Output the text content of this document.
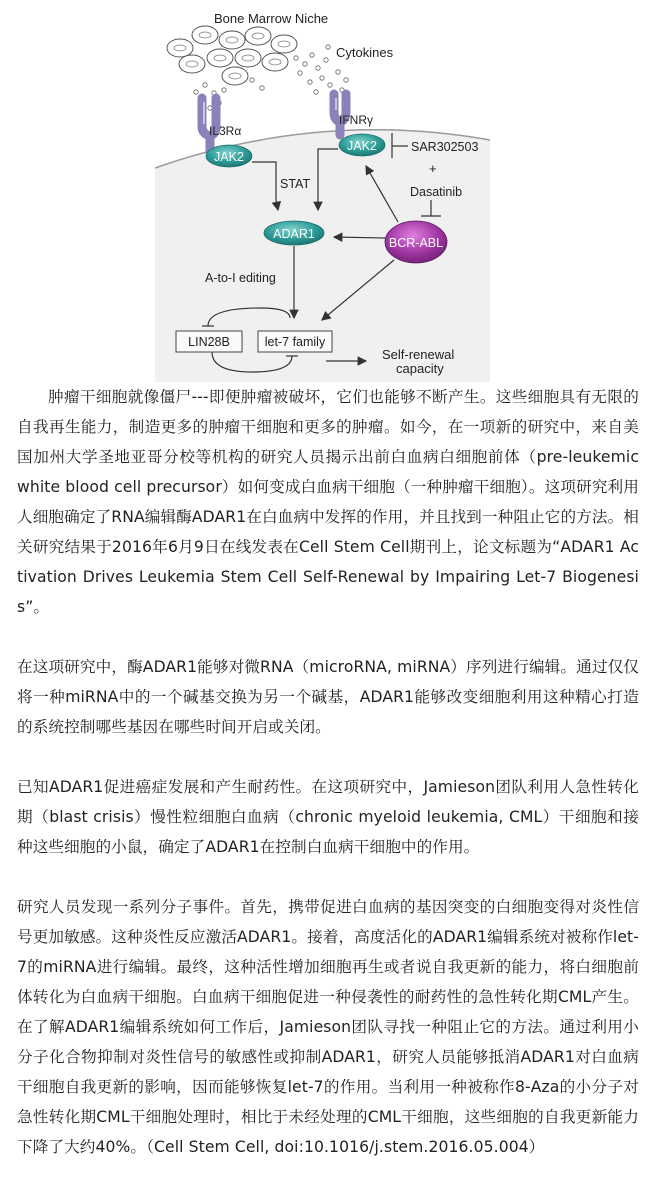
Bone Marrow Niche
Cytokines
IL3Rα
IFNRγ
JAK2
JAK2	SAR302503
+
Dasatinib
STAT
ADAR1
BCR-ABL
A-to-I editing
LIN28B	let-7 family
Self-renewal
capacity

肿瘤干细胞就像僵尸---即便肿瘤被破坏，它们也能够不断产生。这些细胞具有无限的自我再生能力，制造更多的肿瘤干细胞和更多的肿瘤。如今，在一项新的研究中，来自美国加州大学圣地亚哥分校等机构的研究人员揭示出前白血病白细胞前体（pre-leukemic white blood cell precursor）如何变成白血病干细胞（一种肿瘤干细胞）。这项研究利用人细胞确定了RNA编辑酶ADAR1在白血病中发挥的作用，并且找到一种阻止它的方法。相关研究结果于2016年6月9日在线发表在Cell Stem Cell期刊上，论文标题为“ADAR1 Activation Drives Leukemia Stem Cell Self-Renewal by Impairing Let-7 Biogenesis”。

在这项研究中，酶ADAR1能够对微RNA（microRNA, miRNA）序列进行编辑。通过仅仅将一种miRNA中的一个碱基交换为另一个碱基，ADAR1能够改变细胞利用这种精心打造的系统控制哪些基因在哪些时间开启或关闭。

已知ADAR1促进癌症发展和产生耐药性。在这项研究中，Jamieson团队利用人急性转化期（blast crisis）慢性粒细胞白血病（chronic myeloid leukemia, CML）干细胞和接种这些细胞的小鼠，确定了ADAR1在控制白血病干细胞中的作用。

研究人员发现一系列分子事件。首先，携带促进白血病的基因突变的白细胞变得对炎性信号更加敏感。这种炎性反应激活ADAR1。接着，高度活化的ADAR1编辑系统对被称作let-7的miRNA进行编辑。最终，这种活性增加细胞再生或者说自我更新的能力，将白细胞前体转化为白血病干细胞。白血病干细胞促进一种侵袭性的耐药性的急性转化期CML产生。 在了解ADAR1编辑系统如何工作后，Jamieson团队寻找一种阻止它的方法。通过利用小分子化合物抑制对炎性信号的敏感性或抑制ADAR1，研究人员能够抵消ADAR1对白血病干细胞自我更新的影响，因而能够恢复let-7的作用。当利用一种被称作8-Aza的小分子对急性转化期CML干细胞处理时，相比于未经处理的CML干细胞，这些细胞的自我更新能力下降了大约40%。（Cell Stem Cell, doi:10.1016/j.stem.2016.05.004）
